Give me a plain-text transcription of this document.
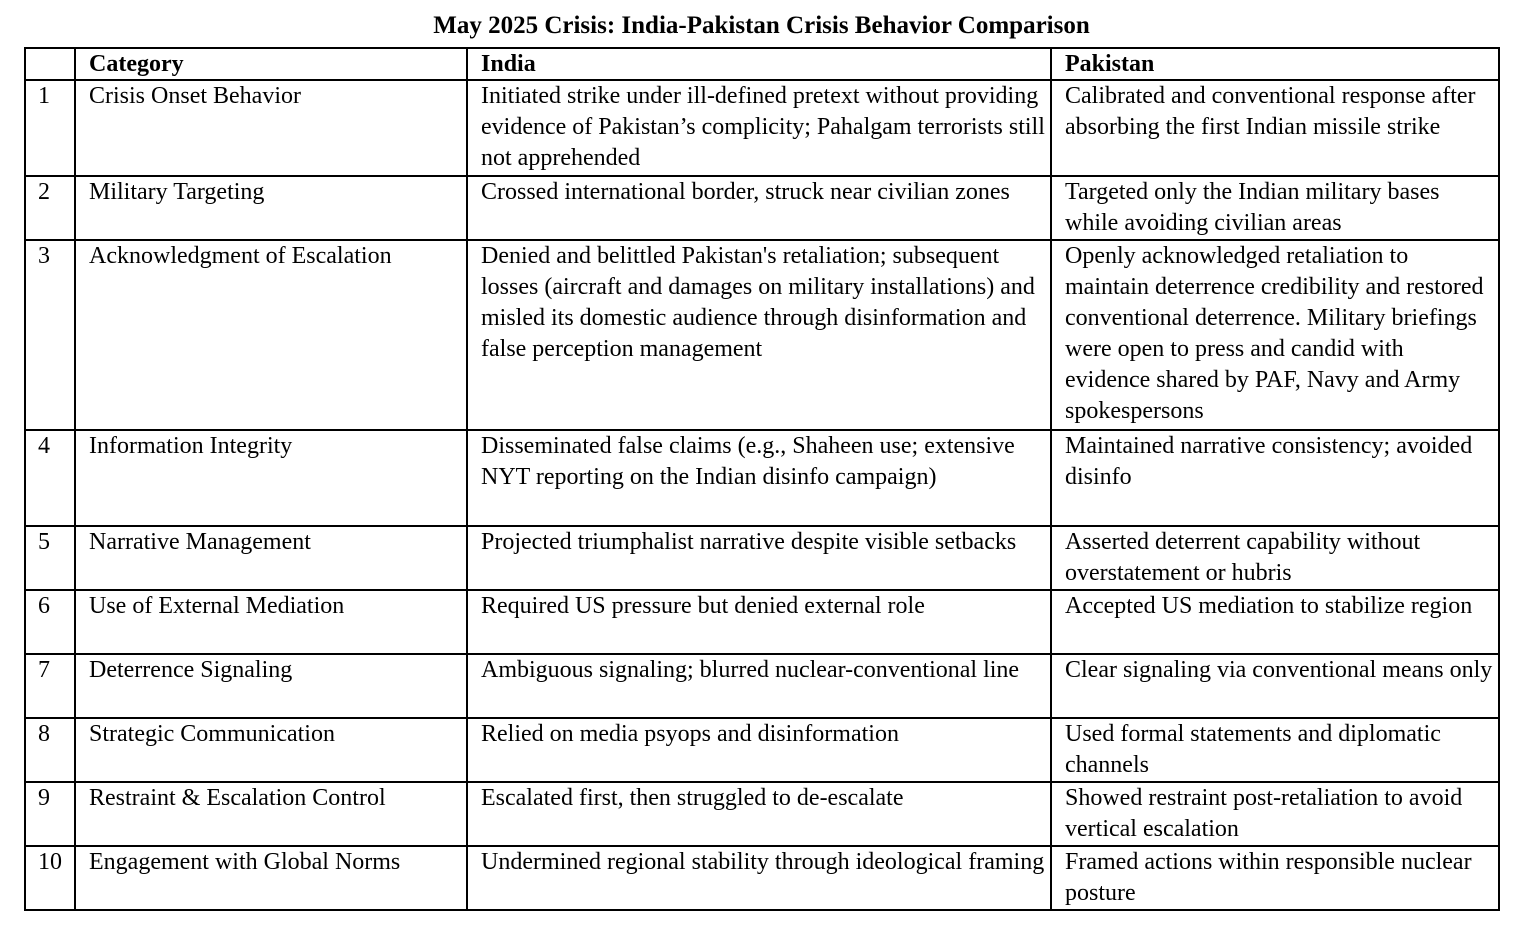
May 2025 Crisis: India-Pakistan Crisis Behavior Comparison
	Category	India	Pakistan
1	Crisis Onset Behavior	Initiated strike under ill-defined pretext without providing evidence of Pakistan’s complicity; Pahalgam terrorists still not apprehended	Calibrated and conventional response after absorbing the first Indian missile strike
2	Military Targeting	Crossed international border, struck near civilian zones	Targeted only the Indian military bases while avoiding civilian areas
3	Acknowledgment of Escalation	Denied and belittled Pakistan's retaliation; subsequent losses (aircraft and damages on military installations) and misled its domestic audience through disinformation and false perception management	Openly acknowledged retaliation to maintain deterrence credibility and restored conventional deterrence. Military briefings were open to press and candid with evidence shared by PAF, Navy and Army spokespersons
4	Information Integrity	Disseminated false claims (e.g., Shaheen use; extensive NYT reporting on the Indian disinfo campaign)	Maintained narrative consistency; avoided disinfo
5	Narrative Management	Projected triumphalist narrative despite visible setbacks	Asserted deterrent capability without overstatement or hubris
6	Use of External Mediation	Required US pressure but denied external role	Accepted US mediation to stabilize region
7	Deterrence Signaling	Ambiguous signaling; blurred nuclear-conventional line	Clear signaling via conventional means only
8	Strategic Communication	Relied on media psyops and disinformation	Used formal statements and diplomatic channels
9	Restraint & Escalation Control	Escalated first, then struggled to de-escalate	Showed restraint post-retaliation to avoid vertical escalation
10	Engagement with Global Norms	Undermined regional stability through ideological framing	Framed actions within responsible nuclear posture
